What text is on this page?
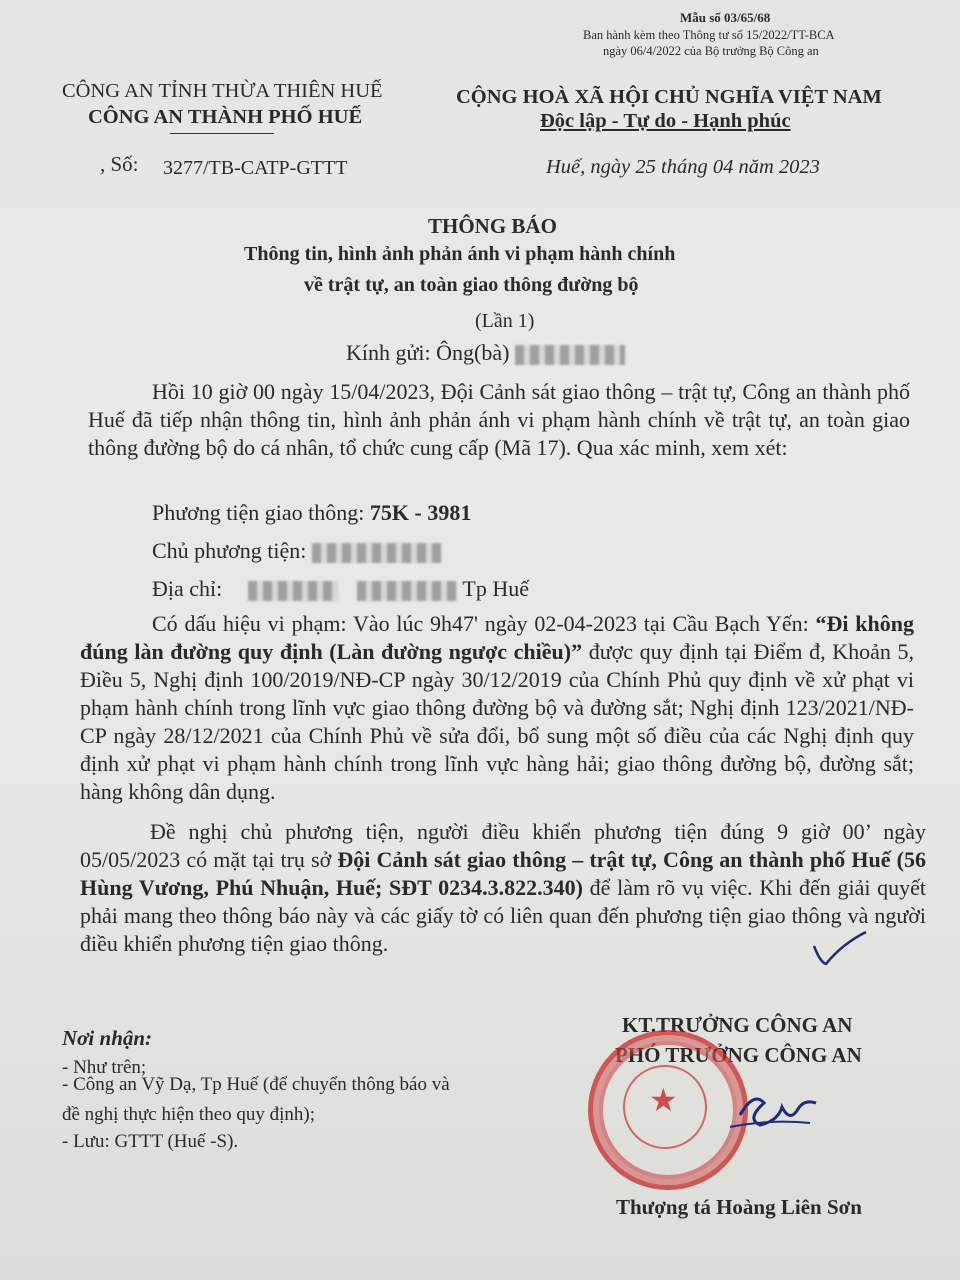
Mẫu số 03/65/68
Ban hành kèm theo Thông tư số 15/2022/TT-BCA
ngày 06/4/2022 của Bộ trưởng Bộ Công an
CÔNG AN TỈNH THỪA THIÊN HUẾ
CÔNG AN THÀNH PHỐ HUẾ
CỘNG HOÀ XÃ HỘI CHỦ NGHĨA VIỆT NAM
Độc lập - Tự do - Hạnh phúc
, Số: 3277/TB-CATP-GTTT	Huế, ngày 25 tháng 04 năm 2023
THÔNG BÁO
Thông tin, hình ảnh phản ánh vi phạm hành chính
về trật tự, an toàn giao thông đường bộ
(Lần 1)
Kính gửi: Ông(bà)

Hồi 10 giờ 00 ngày 15/04/2023, Đội Cảnh sát giao thông – trật tự, Công an thành phố Huế đã tiếp nhận thông tin, hình ảnh phản ánh vi phạm hành chính về trật tự, an toàn giao thông đường bộ do cá nhân, tổ chức cung cấp (Mã 17). Qua xác minh, xem xét:

Phương tiện giao thông: 75K - 3981
Chủ phương tiện:
Địa chỉ:	Tp Huế

Có dấu hiệu vi phạm: Vào lúc 9h47' ngày 02-04-2023 tại Cầu Bạch Yến: “Đi không đúng làn đường quy định (Làn đường ngược chiều)” được quy định tại Điểm đ, Khoản 5, Điều 5, Nghị định 100/2019/NĐ-CP ngày 30/12/2019 của Chính Phủ quy định về xử phạt vi phạm hành chính trong lĩnh vực giao thông đường bộ và đường sắt; Nghị định 123/2021/NĐ-CP ngày 28/12/2021 của Chính Phủ về sửa đổi, bổ sung một số điều của các Nghị định quy định xử phạt vi phạm hành chính trong lĩnh vực hàng hải; giao thông đường bộ, đường sắt; hàng không dân dụng.

Đề nghị chủ phương tiện, người điều khiển phương tiện đúng 9 giờ 00’ ngày 05/05/2023 có mặt tại trụ sở Đội Cảnh sát giao thông – trật tự, Công an thành phố Huế (56 Hùng Vương, Phú Nhuận, Huế; SĐT 0234.3.822.340) để làm rõ vụ việc. Khi đến giải quyết phải mang theo thông báo này và các giấy tờ có liên quan đến phương tiện giao thông và người điều khiển phương tiện giao thông.

Nơi nhận:
- Như trên;
- Công an Vỹ Dạ, Tp Huế (để chuyển thông báo và
đề nghị thực hiện theo quy định);
- Lưu: GTTT (Huế -S).
KT.TRƯỞNG CÔNG AN
PHÓ TRƯỞNG CÔNG AN
★
Thượng tá Hoàng Liên Sơn
